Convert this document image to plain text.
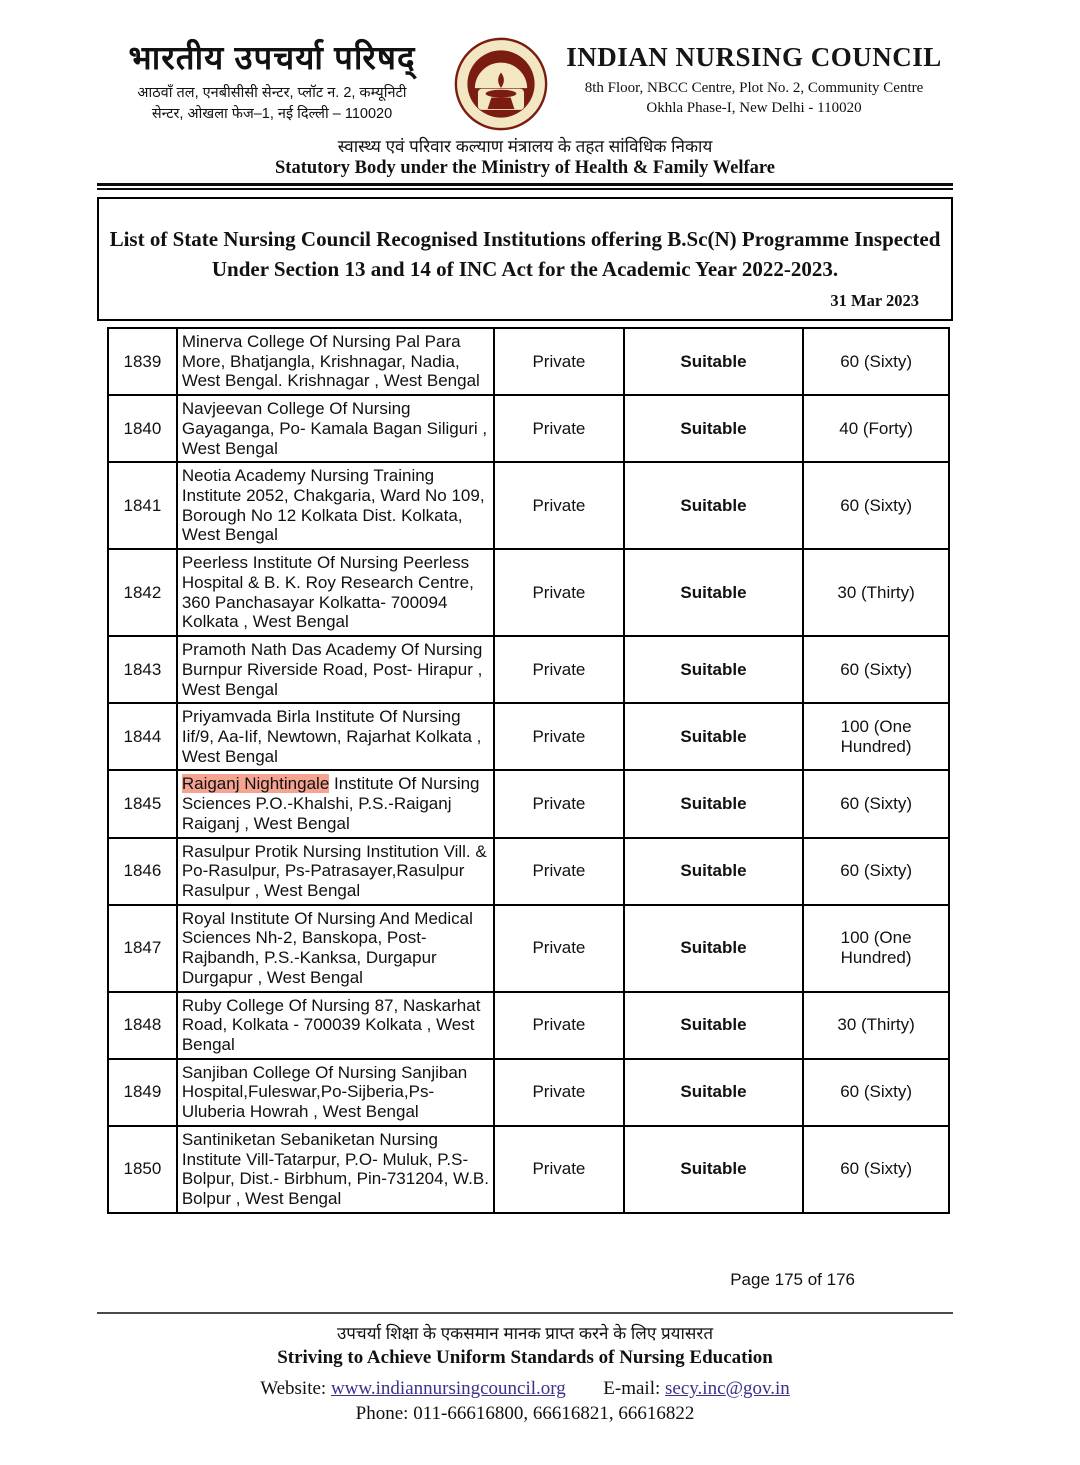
भारतीय उपचर्या परिषद्
आठवाँ तल, एनबीसीसी सेन्टर, प्लॉट न. 2, कम्यूनिटी
सेन्टर, ओखला फेज–1, नई दिल्ली – 110020
INDIAN NURSING COUNCIL
8th Floor, NBCC Centre, Plot No. 2, Community Centre
Okhla Phase-I, New Delhi - 110020
स्वास्थ्य एवं परिवार कल्याण मंत्रालय के तहत सांविधिक निकाय
Statutory Body under the Ministry of Health & Family Welfare
List of State Nursing Council Recognised Institutions offering B.Sc(N) Programme Inspected
Under Section 13 and 14 of INC Act for the Academic Year 2022-2023.
31 Mar 2023
1839	Minerva College Of Nursing Pal Para More, Bhatjangla, Krishnagar, Nadia, West Bengal. Krishnagar , West Bengal	Private	Suitable	60 (Sixty)
1840	Navjeevan College Of Nursing Gayaganga, Po- Kamala Bagan Siliguri , West Bengal	Private	Suitable	40 (Forty)
1841	Neotia Academy Nursing Training Institute 2052, Chakgaria, Ward No 109, Borough No 12 Kolkata Dist. Kolkata, West Bengal	Private	Suitable	60 (Sixty)
1842	Peerless Institute Of Nursing Peerless Hospital & B. K. Roy Research Centre, 360 Panchasayar Kolkatta- 700094 Kolkata , West Bengal	Private	Suitable	30 (Thirty)
1843	Pramoth Nath Das Academy Of Nursing Burnpur Riverside Road, Post- Hirapur , West Bengal	Private	Suitable	60 (Sixty)
1844	Priyamvada Birla Institute Of Nursing Iif/9, Aa-Iif, Newtown, Rajarhat Kolkata , West Bengal	Private	Suitable	100 (One Hundred)
1845	Raiganj Nightingale Institute Of Nursing Sciences P.O.-Khalshi, P.S.-Raiganj Raiganj , West Bengal	Private	Suitable	60 (Sixty)
1846	Rasulpur Protik Nursing Institution Vill. & Po-Rasulpur, Ps-Patrasayer,Rasulpur Rasulpur , West Bengal	Private	Suitable	60 (Sixty)
1847	Royal Institute Of Nursing And Medical Sciences Nh-2, Banskopa, Post-Rajbandh, P.S.-Kanksa, Durgapur Durgapur , West Bengal	Private	Suitable	100 (One Hundred)
1848	Ruby College Of Nursing 87, Naskarhat Road, Kolkata - 700039 Kolkata , West Bengal	Private	Suitable	30 (Thirty)
1849	Sanjiban College Of Nursing Sanjiban Hospital,Fuleswar,Po-Sijberia,Ps-Uluberia Howrah , West Bengal	Private	Suitable	60 (Sixty)
1850	Santiniketan Sebaniketan Nursing Institute Vill-Tatarpur, P.O- Muluk, P.S-Bolpur, Dist.- Birbhum, Pin-731204, W.B. Bolpur , West Bengal	Private	Suitable	60 (Sixty)
Page 175 of 176
उपचर्या शिक्षा के एकसमान मानक प्राप्त करने के लिए प्रयासरत
Striving to Achieve Uniform Standards of Nursing Education
Website: www.indiannursingcouncil.org E-mail: secy.inc@gov.in
Phone: 011-66616800, 66616821, 66616822
